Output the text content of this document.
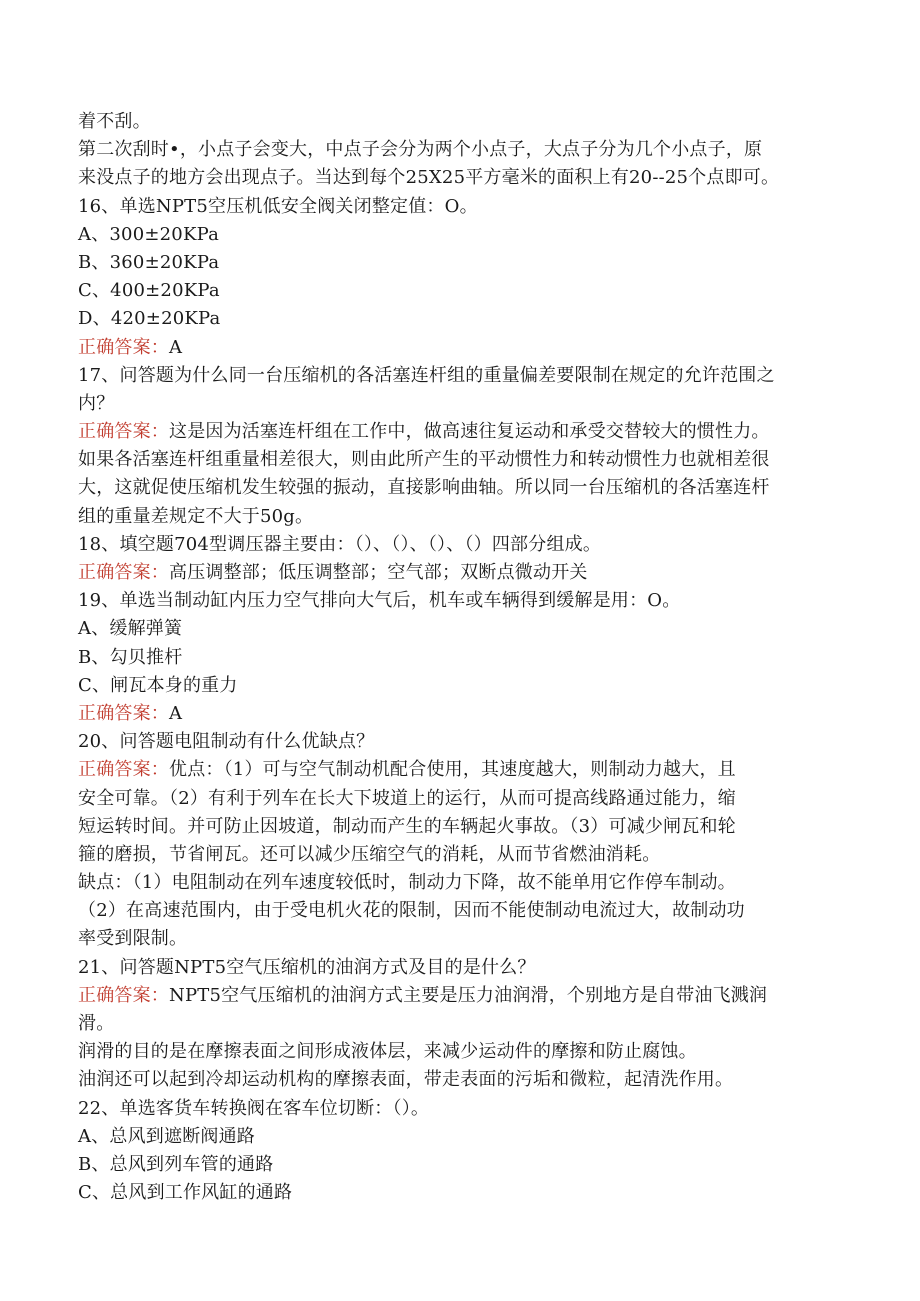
着不刮。
第二次刮时•，小点子会变大，中点子会分为两个小点子，大点子分为几个小点子，原
来没点子的地方会出现点子。当达到每个25X25平方毫米的面积上有20--25个点即可。
16、单选NPT5空压机低安全阀关闭整定值：O。
A、300±20KPa
B、360±20KPa
C、400±20KPa
D、420±20KPa
正确答案：A
17、问答题为什么同一台压缩机的各活塞连杆组的重量偏差要限制在规定的允许范围之
内？
正确答案：这是因为活塞连杆组在工作中，做高速往复运动和承受交替较大的惯性力。
如果各活塞连杆组重量相差很大，则由此所产生的平动惯性力和转动惯性力也就相差很
大，这就促使压缩机发生较强的振动，直接影响曲轴。所以同一台压缩机的各活塞连杆
组的重量差规定不大于50g。
18、填空题704型调压器主要由：（）、（）、（）、（）四部分组成。
正确答案：高压调整部；低压调整部；空气部；双断点微动开关
19、单选当制动缸内压力空气排向大气后，机车或车辆得到缓解是用：O。
A、缓解弹簧
B、勾贝推杆
C、闸瓦本身的重力
正确答案：A
20、问答题电阻制动有什么优缺点？
正确答案：优点：（1）可与空气制动机配合使用，其速度越大，则制动力越大，且
安全可靠。（2）有利于列车在长大下坡道上的运行，从而可提高线路通过能力，缩
短运转时间。并可防止因坡道，制动而产生的车辆起火事故。（3）可减少闸瓦和轮
箍的磨损，节省闸瓦。还可以减少压缩空气的消耗，从而节省燃油消耗。
缺点：（1）电阻制动在列车速度较低时，制动力下降，故不能单用它作停车制动。
（2）在高速范围内，由于受电机火花的限制，因而不能使制动电流过大，故制动功
率受到限制。
21、问答题NPT5空气压缩机的油润方式及目的是什么？
正确答案：NPT5空气压缩机的油润方式主要是压力油润滑，个别地方是自带油飞溅润
滑。
润滑的目的是在摩擦表面之间形成液体层，来减少运动件的摩擦和防止腐蚀。
油润还可以起到冷却运动机构的摩擦表面，带走表面的污垢和微粒，起清洗作用。
22、单选客货车转换阀在客车位切断：（）。
A、总风到遮断阀通路
B、总风到列车管的通路
C、总风到工作风缸的通路
